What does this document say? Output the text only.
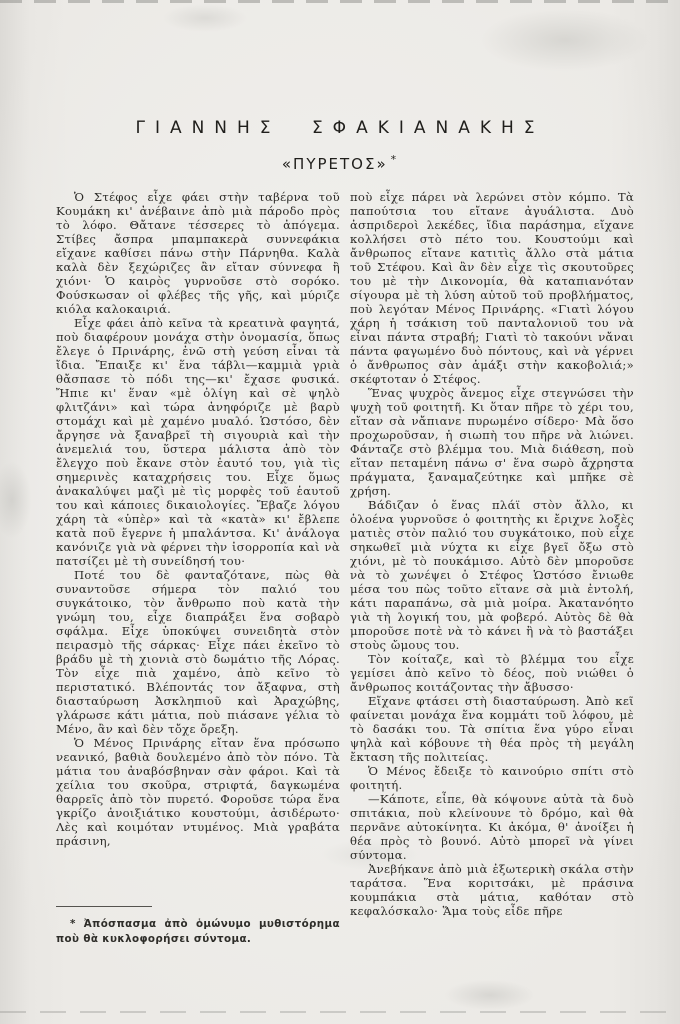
ΓΙΑΝΝΗΣ ΣΦΑΚΙΑΝΑΚΗΣ
«ΠΥΡΕΤΟΣ» *

Ὁ Στέφος εἶχε φάει στὴν ταβέρνα τοῦ Κουμάκη κι' ἀνέβαινε ἀπὸ μιὰ πάροδο πρὸς τὸ λόφο. Θἄτανε τέσσερες τὸ ἀπόγεμα. Στίβες ἄσπρα μπαμπακερὰ συννεφάκια εἴχανε καθίσει πάνω στὴν Πάρνηθα. Καλὰ καλὰ δὲν ξεχώριζες ἂν εἴταν σύννεφα ἢ χιόνι· Ὁ καιρὸς γυρνοῦσε στὸ σορόκο. Φούσκωσαν οἱ φλέβες τῆς γῆς, καὶ μύριζε κιόλα καλοκαιριά.

Εἶχε φάει ἀπὸ κεῖνα τὰ κρεατινὰ φαγητά, ποὺ διαφέρουν μονάχα στὴν ὀνομασία, ὅπως ἔλεγε ὁ Πρινάρης, ἐνῶ στὴ γεύση εἶναι τὰ ἴδια. Ἔπαιξε κι' ἕνα τάβλι—καμμιὰ γριὰ θἄσπασε τὸ πόδι της—κι' ἔχασε φυσικά. Ἤπιε κι' ἕναν «μὲ ὀλίγη καὶ σὲ ψηλὸ φλιτζάνι» καὶ τώρα ἀνηφόριζε μὲ βαρὺ στομάχι καὶ μὲ χαμένο μυαλό. Ὡστόσο, δὲν ἄργησε νὰ ξαναβρεῖ τὴ σιγουριὰ καὶ τὴν ἀνεμελιά του, ὕστερα μάλιστα ἀπὸ τὸν ἔλεγχο ποὺ ἔκανε στὸν ἑαυτό του, γιὰ τὶς σημερινὲς καταχρήσεις του. Εἶχε ὅμως ἀνακαλύψει μαζὶ μὲ τὶς μορφὲς τοῦ ἑαυτοῦ του καὶ κάποιες δικαιολογίες. Ἔβαζε λόγου χάρη τὰ «ὑπὲρ» καὶ τὰ «κατὰ» κι' ἔβλεπε κατὰ ποῦ ἔγερνε ἡ μπαλάντσα. Κι' ἀνάλογα κανόνιζε γιὰ νὰ φέρνει τὴν ἰσορροπία καὶ νὰ πατσίζει μὲ τὴ συνείδησή του·

Ποτέ του δὲ φανταζότανε, πὼς θὰ συναντοῦσε σήμερα τὸν παλιό του συγκάτοικο, τὸν ἄνθρωπο ποὺ κατὰ τὴν γνώμη του, εἶχε διαπράξει ἕνα σοβαρὸ σφάλμα. Εἶχε ὑποκύψει συνειδητὰ στὸν πειρασμὸ τῆς σάρκας· Εἶχε πάει ἐκεῖνο τὸ βράδυ μὲ τὴ χιονιὰ στὸ δωμάτιο τῆς Λόρας. Τὸν εἶχε πιὰ χαμένο, ἀπὸ κεῖνο τὸ περιστατικό. Βλέποντάς τον ἄξαφνα, στὴ διασταύρωση Ἀσκληπιοῦ καὶ Ἀραχώβης, γλάρωσε κάτι μάτια, ποὺ πιάσανε γέλια τὸ Μένο, ἂν καὶ δὲν τὄχε ὄρεξη.

Ὁ Μένος Πρινάρης εἴταν ἕνα πρόσωπο νεανικό, βαθιὰ δουλεμένο ἀπὸ τὸν πόνο. Τὰ μάτια του ἀναβόσβηναν σὰν φάροι. Καὶ τὰ χείλια του σκοῦρα, στριφτά, δαγκωμένα θαρρεῖς ἀπὸ τὸν πυρετό. Φοροῦσε τώρα ἕνα γκρίζο ἀνοιξιάτικο κουστούμι, ἀσιδέρωτο· Λὲς καὶ κοιμόταν ντυμένος. Μιὰ γραβάτα πράσινη,

ποὺ εἶχε πάρει νὰ λερώνει στὸν κόμπο. Τὰ παπούτσια του εἴτανε ἀγυάλιστα. Δυὸ ἀσπριδεροὶ λεκέδες, ἴδια παράσημα, εἴχανε κολλήσει στὸ πέτο του. Κουστούμι καὶ ἄνθρωπος εἴτανε κατιτὶς ἄλλο στὰ μάτια τοῦ Στέφου. Καὶ ἂν δὲν εἶχε τὶς σκουτοῦρες του μὲ τὴν Δικονομία, θὰ καταπιανόταν σίγουρα μὲ τὴ λύση αὐτοῦ τοῦ προβλήματος, ποὺ λεγόταν Μένος Πρινάρης. «Γιατὶ λόγου χάρη ἡ τσάκιση τοῦ πανταλονιοῦ του νὰ εἶναι πάντα στραβή; Γιατὶ τὸ τακούνι νἄναι πάντα φαγωμένο δυὸ πόντους, καὶ νὰ γέρνει ὁ ἄνθρωπος σὰν ἁμάξι στὴν κακοβολιά;» σκέφτοταν ὁ Στέφος.

Ἕνας ψυχρὸς ἄνεμος εἶχε στεγνώσει τὴν ψυχὴ τοῦ φοιτητῆ. Κι ὅταν πῆρε τὸ χέρι του, εἴταν σὰ νἄπιανε πυρωμένο σίδερο· Μὰ ὅσο προχωροῦσαν, ἡ σιωπὴ του πῆρε νὰ λιώνει. Φάνταζε στὸ βλέμμα του. Μιὰ διάθεση, ποὺ εἴταν πεταμένη πάνω σ' ἕνα σωρὸ ἄχρηστα πράγματα, ξαναμαζεύτηκε καὶ μπῆκε σὲ χρήση.

Βάδιζαν ὁ ἕνας πλάϊ στὸν ἄλλο, κι ὁλοένα γυρνοῦσε ὁ φοιτητὴς κι ἔριχνε λοξὲς ματιὲς στὸν παλιό του συγκάτοικο, ποὺ εἶχε σηκωθεῖ μιὰ νύχτα κι εἶχε βγεῖ ὄξω στὸ χιόνι, μὲ τὸ πουκάμισο. Αὐτὸ δὲν μποροῦσε νὰ τὸ χωνέψει ὁ Στέφος Ὡστόσο ἔνιωθε μέσα του πὼς τοῦτο εἴτανε σὰ μιὰ ἐντολή, κάτι παραπάνω, σὰ μιὰ μοίρα. Ἀκατανόητο γιὰ τὴ λογική του, μὰ φοβερό. Αὐτὸς δὲ θὰ μποροῦσε ποτὲ νὰ τὸ κάνει ἢ νὰ τὸ βαστάξει στοὺς ὤμους του.

Τὸν κοίταζε, καὶ τὸ βλέμμα του εἶχε γεμίσει ἀπὸ κεῖνο τὸ δέος, ποὺ νιώθει ὁ ἄνθρωπος κοιτάζοντας τὴν ἄβυσσο·

Εἴχανε φτάσει στὴ διασταύρωση. Ἀπὸ κεῖ φαίνεται μονάχα ἕνα κομμάτι τοῦ λόφου, μὲ τὸ δασάκι του. Τὰ σπίτια ἕνα γύρο εἶναι ψηλὰ καὶ κόβουνε τὴ θέα πρὸς τὴ μεγάλη ἔκταση τῆς πολιτείας.

Ὁ Μένος ἔδειξε τὸ καινούριο σπίτι στὸ φοιτητή.

—Κάποτε, εἶπε, θὰ κόψουνε αὐτὰ τὰ δυὸ σπιτάκια, ποὺ κλείνουνε τὸ δρόμο, καὶ θὰ περνᾶνε αὐτοκίνητα. Κι ἀκόμα, θ' ἀνοίξει ἡ θέα πρὸς τὸ βουνό. Αὐτὸ μπορεῖ νὰ γίνει σύντομα.

Ἀνεβήκανε ἀπὸ μιὰ ἐξωτερικὴ σκάλα στὴν ταράτσα. Ἕνα κοριτσάκι, μὲ πράσινα κουμπάκια στὰ μάτια, καθόταν στὸ κεφαλόσκαλο· Ἅμα τοὺς εἶδε πῆρε

* Ἀπόσπασμα ἀπὸ ὁμώνυμο μυθιστόρημα ποὺ θὰ κυκλοφορήσει σύντομα.
